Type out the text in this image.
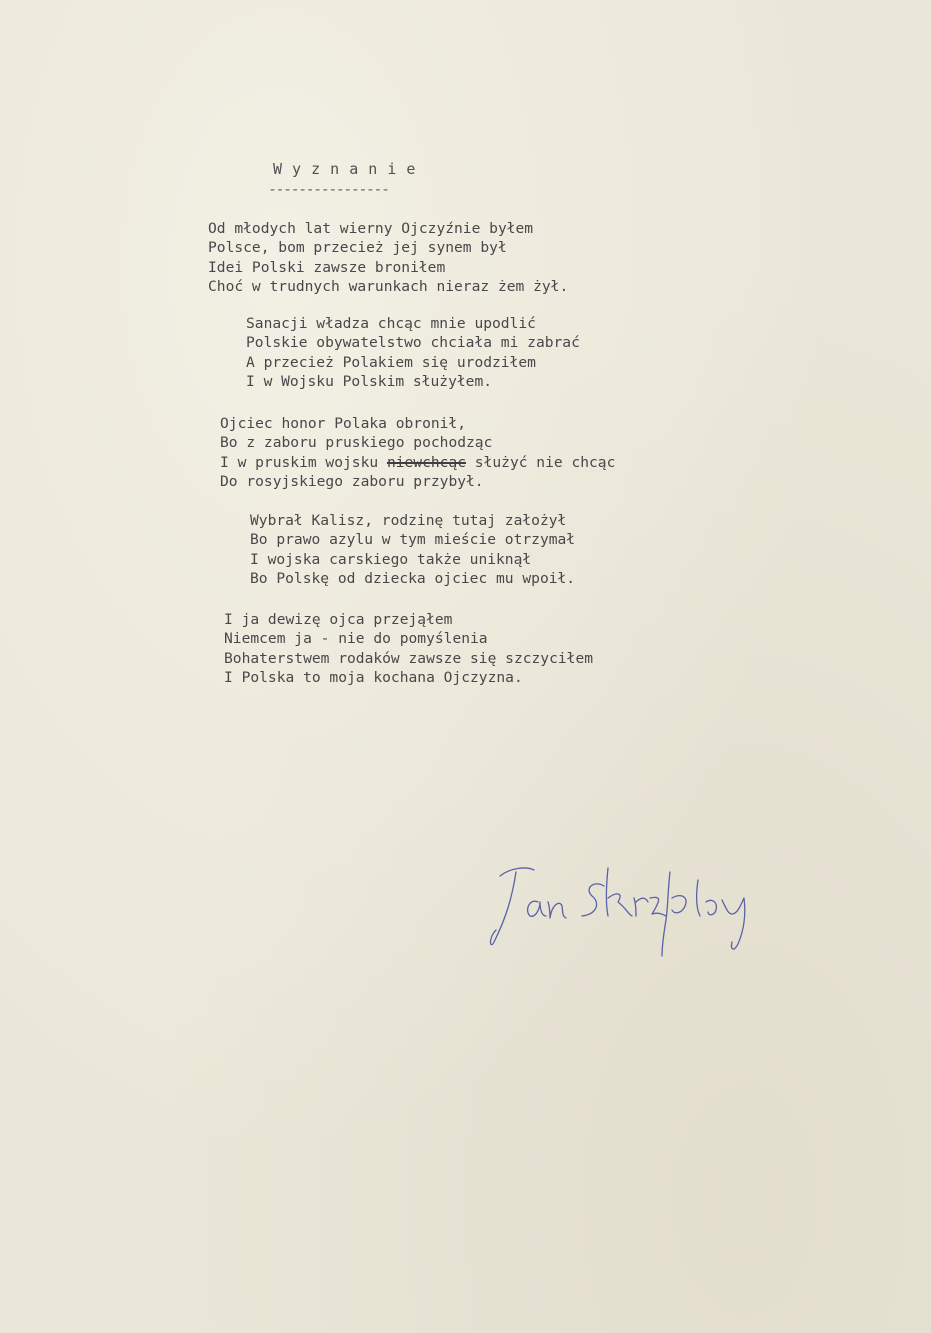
W y z n a n i e
----------------
Od młodych lat wierny Ojczyźnie byłem
Polsce, bom przecież jej synem był
Idei Polski zawsze broniłem
Choć w trudnych warunkach nieraz żem żył.
Sanacji władza chcąc mnie upodlić
Polskie obywatelstwo chciała mi zabrać
A przecież Polakiem się urodziłem
I w Wojsku Polskim służyłem.
Ojciec honor Polaka obronił,
Bo z zaboru pruskiego pochodząc
I w pruskim wojsku niewchcąc służyć nie chcąc
Do rosyjskiego zaboru przybył.
Wybrał Kalisz, rodzinę tutaj założył
Bo prawo azylu w tym mieście otrzymał
I wojska carskiego także uniknął
Bo Polskę od dziecka ojciec mu wpoił.
I ja dewizę ojca przejąłem
Niemcem ja - nie do pomyślenia
Bohaterstwem rodaków zawsze się szczyciłem
I Polska to moja kochana Ojczyzna.
